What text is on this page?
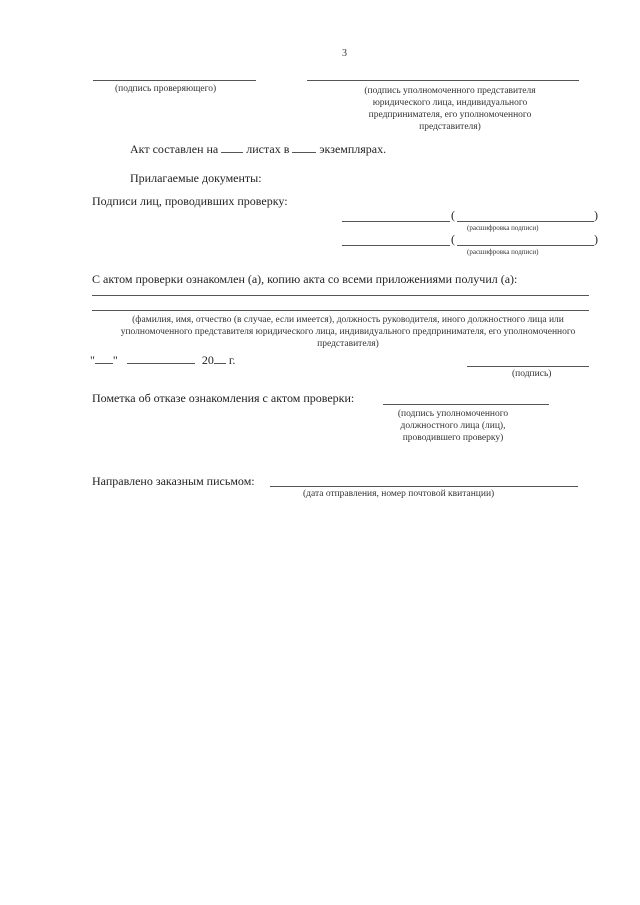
3
(подпись проверяющего)	(подпись уполномоченного представителя юридического лица, индивидуального предпринимателя, его уполномоченного представителя)
Акт составлен на листах в	экземплярах.
Прилагаемые документы:
Подписи лиц, проводивших проверку:
(	)
(расшифровка подписи)
(	)
(расшифровка подписи)
С актом проверки ознакомлен (а), копию акта со всеми приложениями получил (а):
(фамилия, имя, отчество (в случае, если имеется), должность руководителя, иного должностного лица или уполномоченного представителя юридического лица, индивидуального предпринимателя, его уполномоченного представителя)
" "	20 г.
(подпись)
Пометка об отказе ознакомления с актом проверки:
(подпись уполномоченного должностного лица (лиц), проводившего проверку)
Направлено заказным письмом:
(дата отправления, номер почтовой квитанции)
